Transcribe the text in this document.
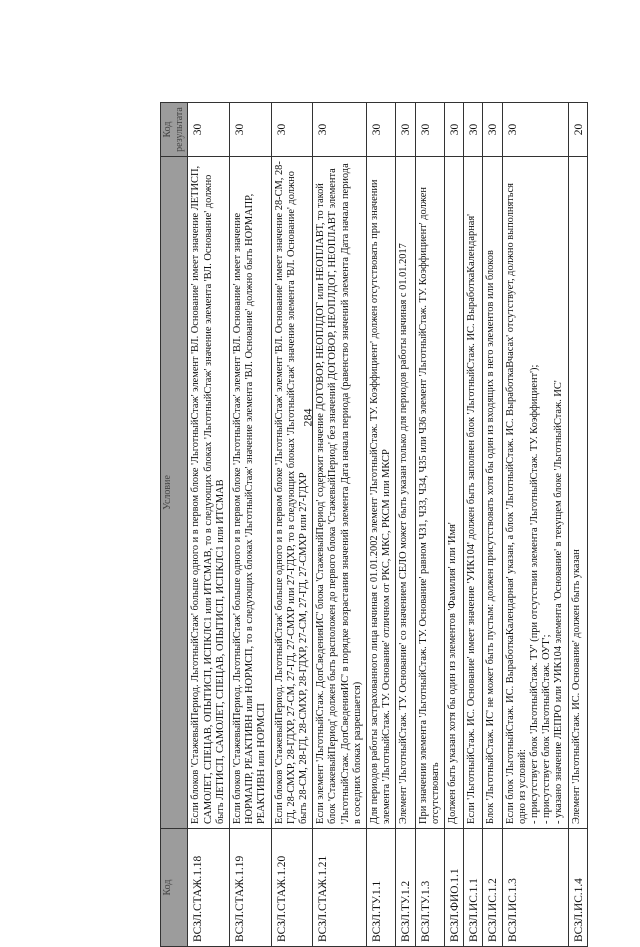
284
Код	Условие	Код результата
ВСЗЛ.СТАЖ.1.18	Если блоков 'СтажевыйПериод. ЛьготныйСтаж' больше одного и в первом блоке 'ЛьготныйСтаж' элемент 'ВЛ. Основание' имеет значение ЛЕТИСП, САМОЛЕТ, СПЕЦАВ, ОПЫТИСП, ИСПКЛС1 или ИТСМАВ, то в следующих блоках 'ЛьготныйСтаж' значение элемента 'ВЛ. Основание' должно быть ЛЕТИСП, САМОЛЕТ, СПЕЦАВ, ОПЫТИСП, ИСПКЛС1 или ИТСМАВ	30
ВСЗЛ.СТАЖ.1.19	Если блоков 'СтажевыйПериод. ЛьготныйСтаж' больше одного и в первом блоке 'ЛьготныйСтаж' элемент 'ВЛ. Основание' имеет значение НОРМАПР, РЕАКТИВН или НОРМСП, то в следующих блоках 'ЛьготныйСтаж' значение элемента 'ВЛ. Основание' должно быть НОРМАПР, РЕАКТИВН или НОРМСП	30
ВСЗЛ.СТАЖ.1.20	Если блоков 'СтажевыйПериод. ЛьготныйСтаж' больше одного и в первом блоке 'ЛьготныйСтаж' элемент 'ВЛ. Основание' имеет значение 28-СМ, 28-ГД, 28-СМХР, 28-ГДХР, 27-СМ, 27-ГД, 27-СМХР или 27-ГДХР, то в следующих блоках 'ЛьготныйСтаж' значение элемента 'ВЛ. Основание' должно быть 28-СМ, 28-ГД, 28-СМХР, 28-ГДХР, 27-СМ, 27-ГД, 27-СМХР или 27-ГДХР	30
ВСЗЛ.СТАЖ.1.21	Если элемент 'ЛьготныйСтаж. ДопСведенияИС' блока 'СтажевыйПериод' содержит значение ДОГОВОР, НЕОПЛДОГ или НЕОПЛАВТ, то такой блок 'СтажевыйПериод' должен быть расположен до первого блока 'СтажевыйПериод' без значений ДОГОВОР, НЕОПЛДОГ, НЕОПЛАВТ элемента 'ЛьготныйСтаж. ДопСведенияИС' в порядке возрастания значений элемента Дата начала периода (равенство значений элемента Дата начала периода в соседних блоках разрешается)	30
ВСЗЛ.ТУ.1.1	Для периодов работы застрахованного лица начиная с 01.01.2002 элемент 'ЛьготныйСтаж. ТУ. Коэффициент' должен отсутствовать при значении элемента 'ЛьготныйСтаж. ТУ. Основание' отличном от РКС, МКС, РКСМ или МКСР	30
ВСЗЛ.ТУ.1.2	Элемент 'ЛьготныйСтаж. ТУ. Основание' со значением СЕЛО может быть указан только для периодов работы начиная с 01.01.2017	30
ВСЗЛ.ТУ.1.3	При значении элемента 'ЛьготныйСтаж. ТУ. Основание' равном Ч31, Ч33, Ч34, Ч35 или Ч36 элемент 'ЛьготныйСтаж. ТУ. Коэффициент' должен отсутствовать	30
ВСЗЛ.ФИО.1.1	Должен быть указан хотя бы один из элементов 'Фамилия' или 'Имя'	30
ВСЗЛ.ИС.1.1	Если 'ЛьготныйСтаж. ИС. Основание' имеет значение 'УИК104' должен быть заполнен блок 'ЛьготныйСтаж. ИС. ВыработкаКалендарная'	30
ВСЗЛ.ИС.1.2	Блок 'ЛьготныйСтаж. ИС' не может быть пустым: должен присутствовать хотя бы один из входящих в него элементов или блоков	30
ВСЗЛ.ИС.1.3	Если блок 'ЛьготныйСтаж. ИС. ВыработкаКалендарная' указан, а блок 'ЛьготныйСтаж. ИС. ВыработкаВчасах' отсутствует, должно выполняться одно из условий:
- присутствует блок 'ЛьготныйСтаж. ТУ' (при отсутствии элемента 'ЛьготныйСтаж. ТУ. Коэффициент');
- присутствует блок 'ЛьготныйСтаж. ОУТ';
- указано значение ЛЕПРО или УИК104 элемента 'Основание' в текущем блоке 'ЛьготныйСтаж. ИС'	30
ВСЗЛ.ИС.1.4	Элемент 'ЛьготныйСтаж. ИС. Основание' должен быть указан	20
